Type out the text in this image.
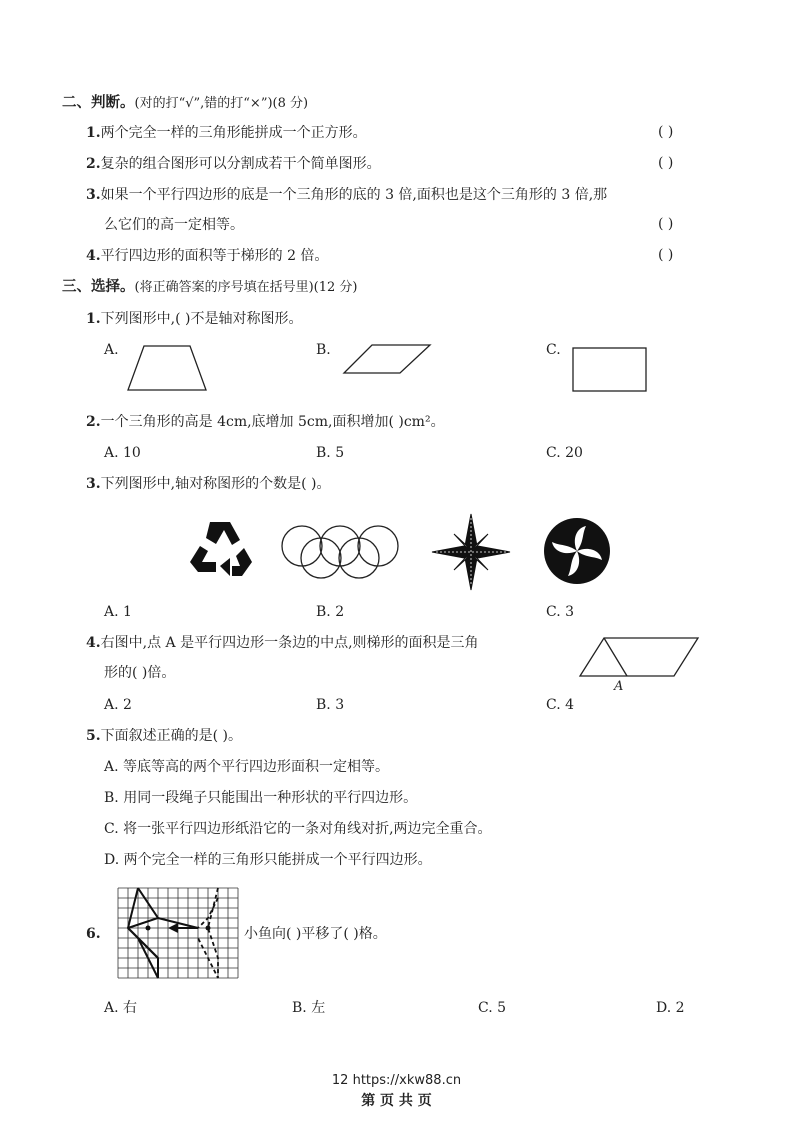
二、判断。(对的打“√”,错的打“×”)(8 分)
1.两个完全一样的三角形能拼成一个正方形。	( )
2.复杂的组合图形可以分割成若干个简单图形。	( )
3.如果一个平行四边形的底是一个三角形的底的 3 倍,面积也是这个三角形的 3 倍,那
么它们的高一定相等。	( )
4.平行四边形的面积等于梯形的 2 倍。	( )
三、选择。(将正确答案的序号填在括号里)(12 分)
1.下列图形中,( )不是轴对称图形。
A.	B.	C.
2.一个三角形的高是 4cm,底增加 5cm,面积增加( )cm²。
A. 10	B. 5	C. 20
3.下列图形中,轴对称图形的个数是( )。
A. 1	B. 2	C. 3
4.右图中,点 A 是平行四边形一条边的中点,则梯形的面积是三角
形的( )倍。
A
A. 2	B. 3	C. 4
5.下面叙述正确的是( )。
A. 等底等高的两个平行四边形面积一定相等。
B. 用同一段绳子只能围出一种形状的平行四边形。
C. 将一张平行四边形纸沿它的一条对角线对折,两边完全重合。
D. 两个完全一样的三角形只能拼成一个平行四边形。
6.	小鱼向( )平移了( )格。
A. 右	B. 左	C. 5	D. 2
12 https://xkw88.cn
第 页 共 页
